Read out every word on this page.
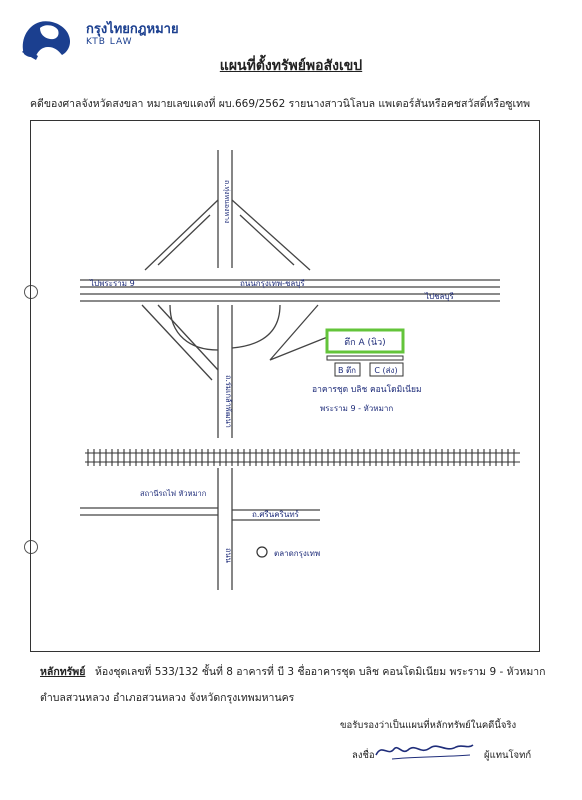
กรุงไทยกฎหมาย
KTB LAW
แผนที่ตั้งทรัพย์พอสังเขป
คดีของศาลจังหวัดสงขลา หมายเลขแดงที่ ผบ.669/2562 รายนางสาวนิโลบล แพเตอร์สันหรือคชสวัสดิ์หรือซูเทพ
ตึก A (นิว)
B ตึก C (ส่ง)
ถ.ทุ่งหนองหาง
ไปพระราม 9	ถนนกรุงเทพ-ชลบุรี
ไปชลบุรี
ถ.ร่มเกล้าพัฒนา	อาคารชุด บลิช คอนโดมิเนียม
พระราม 9 - หัวหมาก
สถานีรถไฟ หัวหมาก
ถ.ศรีนครินทร์
ถนน	ตลาดกรุงเทพ
หลักทรัพย์ ห้องชุดเลขที่ 533/132 ชั้นที่ 8 อาคารที่ บี 3 ชื่ออาคารชุด บลิช คอนโดมิเนียม พระราม 9 - หัวหมาก
ตำบลสวนหลวง อำเภอสวนหลวง จังหวัดกรุงเทพมหานคร
ขอรับรองว่าเป็นแผนที่หลักทรัพย์ในคดีนี้จริง
ลงชื่อ	ผู้แทนโจทก์
